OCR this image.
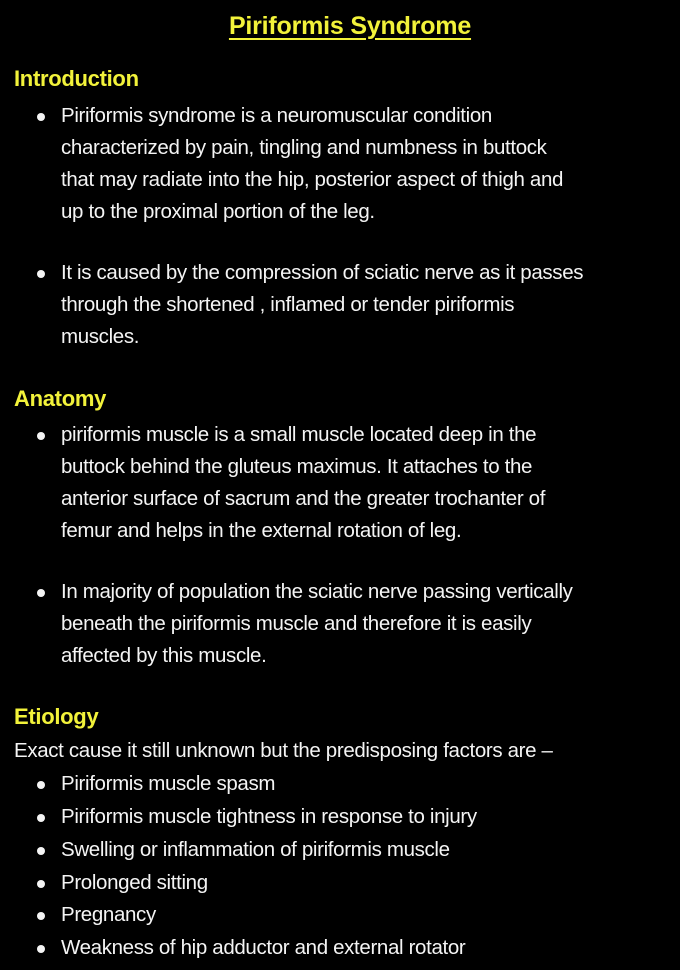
Piriformis Syndrome
Introduction
Piriformis syndrome is a neuromuscular condition
characterized by pain, tingling and numbness in buttock
that may radiate into the hip, posterior aspect of thigh and
up to the proximal portion of the leg.
It is caused by the compression of sciatic nerve as it passes
through the shortened , inflamed or tender piriformis
muscles.
Anatomy
piriformis muscle is a small muscle located deep in the
buttock behind the gluteus maximus. It attaches to the
anterior surface of sacrum and the greater trochanter of
femur and helps in the external rotation of leg.
In majority of population the sciatic nerve passing vertically
beneath the piriformis muscle and therefore it is easily
affected by this muscle.
Etiology
Exact cause it still unknown but the predisposing factors are –
Piriformis muscle spasm
Piriformis muscle tightness in response to injury
Swelling or inflammation of piriformis muscle
Prolonged sitting
Pregnancy
Weakness of hip adductor and external rotator
